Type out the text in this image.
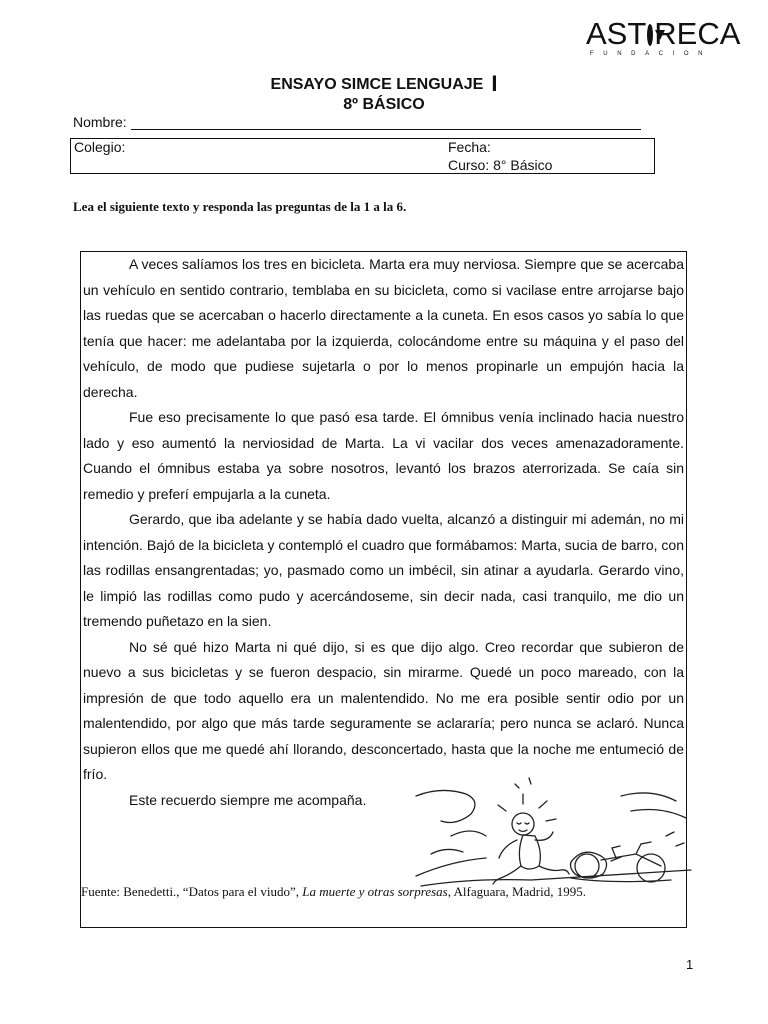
AST RECA
FUNDACION
ENSAYO SIMCE LENGUAJE I
8º BÁSICO
Nombre:
Colegio:	Fecha:
Curso: 8° Básico
Lea el siguiente texto y responda las preguntas de la 1 a la 6.

A veces salíamos los tres en bicicleta. Marta era muy nerviosa. Siempre que se acercaba un vehículo en sentido contrario, temblaba en su bicicleta, como si vacilase entre arrojarse bajo las ruedas que se acercaban o hacerlo directamente a la cuneta. En esos casos yo sabía lo que tenía que hacer: me adelantaba por la izquierda, colocándome entre su máquina y el paso del vehículo, de modo que pudiese sujetarla o por lo menos propinarle un empujón hacia la derecha.

Fue eso precisamente lo que pasó esa tarde. El ómnibus venía inclinado hacia nuestro lado y eso aumentó la nerviosidad de Marta. La vi vacilar dos veces amenazadoramente. Cuando el ómnibus estaba ya sobre nosotros, levantó los brazos aterrorizada. Se caía sin remedio y preferí empujarla a la cuneta.

Gerardo, que iba adelante y se había dado vuelta, alcanzó a distinguir mi ademán, no mi intención. Bajó de la bicicleta y contempló el cuadro que formábamos: Marta, sucia de barro, con las rodillas ensangrentadas; yo, pasmado como un imbécil, sin atinar a ayudarla. Gerardo vino, le limpió las rodillas como pudo y acercándoseme, sin decir nada, casi tranquilo, me dio un tremendo puñetazo en la sien.

No sé qué hizo Marta ni qué dijo, si es que dijo algo. Creo recordar que subieron de nuevo a sus bicicletas y se fueron despacio, sin mirarme. Quedé un poco mareado, con la impresión de que todo aquello era un malentendido. No me era posible sentir odio por un malentendido, por algo que más tarde seguramente se aclararía; pero nunca se aclaró. Nunca supieron ellos que me quedé ahí llorando, desconcertado, hasta que la noche me entumeció de frío.

Este recuerdo siempre me acompaña.

Fuente: Benedetti., “Datos para el viudo”, La muerte y otras sorpresas, Alfaguara, Madrid, 1995.
1
